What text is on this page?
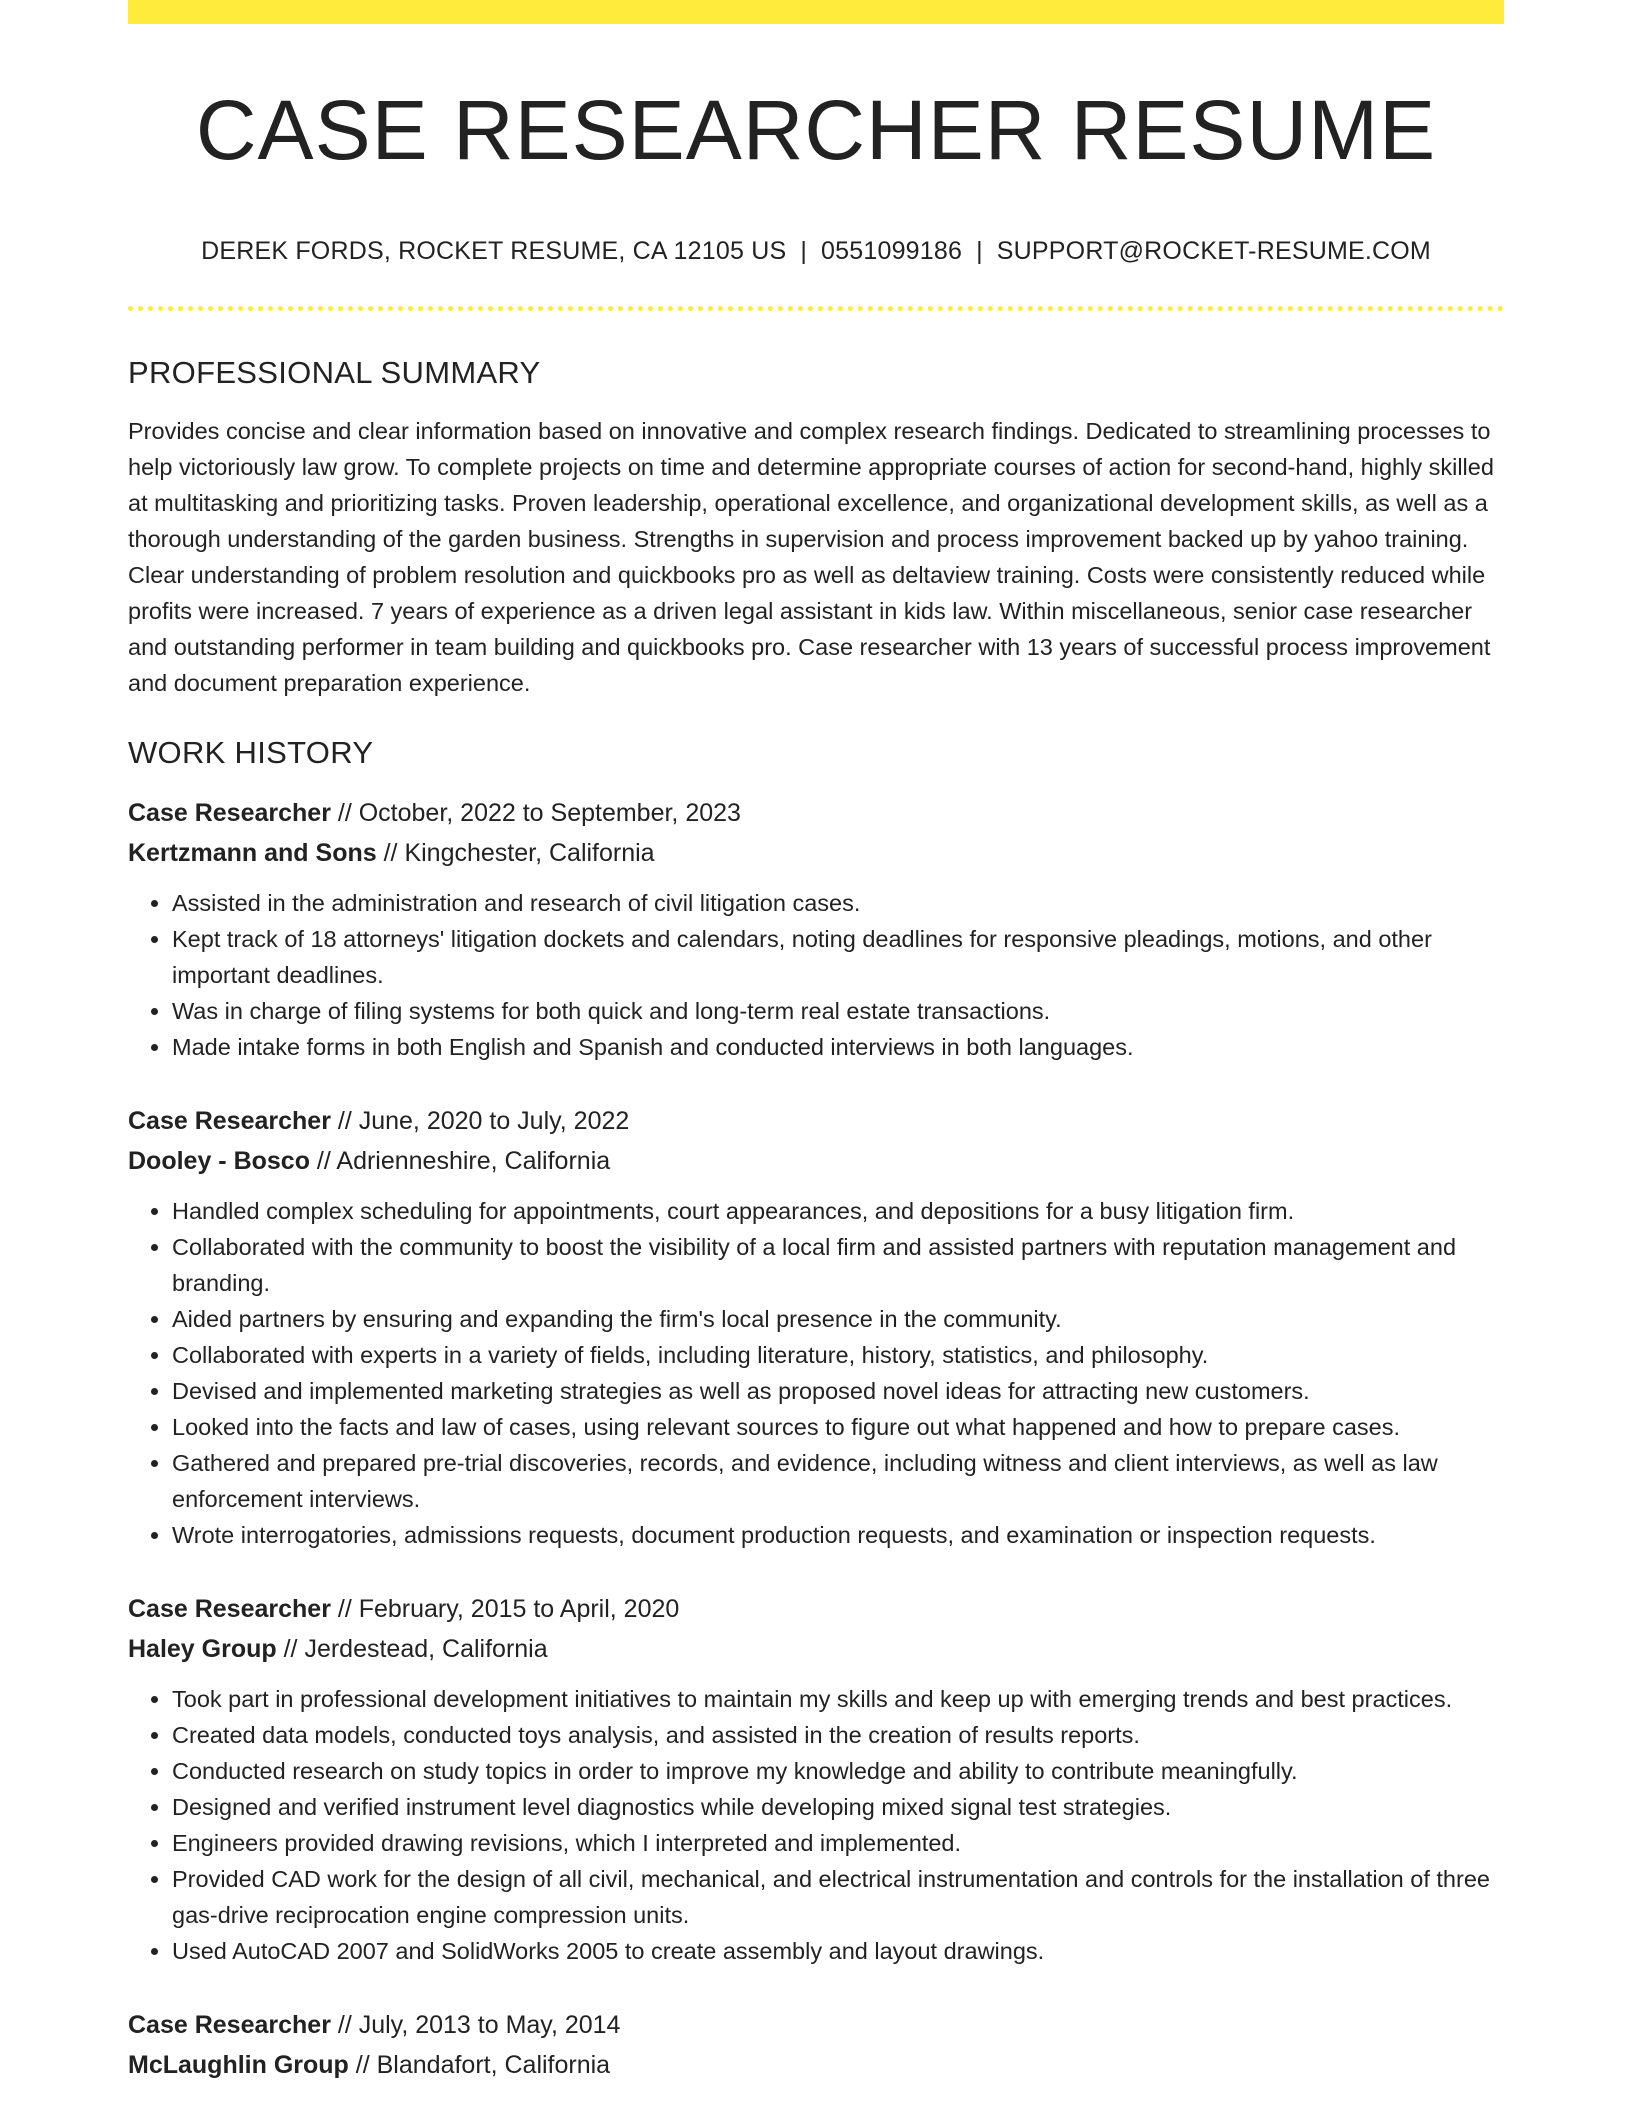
CASE RESEARCHER RESUME
DEREK FORDS, ROCKET RESUME, CA 12105 US | 0551099186 | SUPPORT@ROCKET-RESUME.COM
PROFESSIONAL SUMMARY

Provides concise and clear information based on innovative and complex research findings. Dedicated to streamlining processes to help victoriously law grow. To complete projects on time and determine appropriate courses of action for second-hand, highly skilled at multitasking and prioritizing tasks. Proven leadership, operational excellence, and organizational development skills, as well as a thorough understanding of the garden business. Strengths in supervision and process improvement backed up by yahoo training. Clear understanding of problem resolution and quickbooks pro as well as deltaview training. Costs were consistently reduced while profits were increased. 7 years of experience as a driven legal assistant in kids law. Within miscellaneous, senior case researcher and outstanding performer in team building and quickbooks pro. Case researcher with 13 years of successful process improvement and document preparation experience.

WORK HISTORY
Case Researcher // October, 2022 to September, 2023
Kertzmann and Sons // Kingchester, California
• Assisted in the administration and research of civil litigation cases.
• Kept track of 18 attorneys' litigation dockets and calendars, noting deadlines for responsive pleadings, motions, and other important deadlines.
• Was in charge of filing systems for both quick and long-term real estate transactions.
• Made intake forms in both English and Spanish and conducted interviews in both languages.
Case Researcher // June, 2020 to July, 2022
Dooley - Bosco // Adrienneshire, California
• Handled complex scheduling for appointments, court appearances, and depositions for a busy litigation firm.
• Collaborated with the community to boost the visibility of a local firm and assisted partners with reputation management and branding.
• Aided partners by ensuring and expanding the firm's local presence in the community.
• Collaborated with experts in a variety of fields, including literature, history, statistics, and philosophy.
• Devised and implemented marketing strategies as well as proposed novel ideas for attracting new customers.
• Looked into the facts and law of cases, using relevant sources to figure out what happened and how to prepare cases.
• Gathered and prepared pre-trial discoveries, records, and evidence, including witness and client interviews, as well as law enforcement interviews.
• Wrote interrogatories, admissions requests, document production requests, and examination or inspection requests.
Case Researcher // February, 2015 to April, 2020
Haley Group // Jerdestead, California
• Took part in professional development initiatives to maintain my skills and keep up with emerging trends and best practices.
• Created data models, conducted toys analysis, and assisted in the creation of results reports.
• Conducted research on study topics in order to improve my knowledge and ability to contribute meaningfully.
• Designed and verified instrument level diagnostics while developing mixed signal test strategies.
• Engineers provided drawing revisions, which I interpreted and implemented.
• Provided CAD work for the design of all civil, mechanical, and electrical instrumentation and controls for the installation of three gas-drive reciprocation engine compression units.
• Used AutoCAD 2007 and SolidWorks 2005 to create assembly and layout drawings.
Case Researcher // July, 2013 to May, 2014
McLaughlin Group // Blandafort, California
